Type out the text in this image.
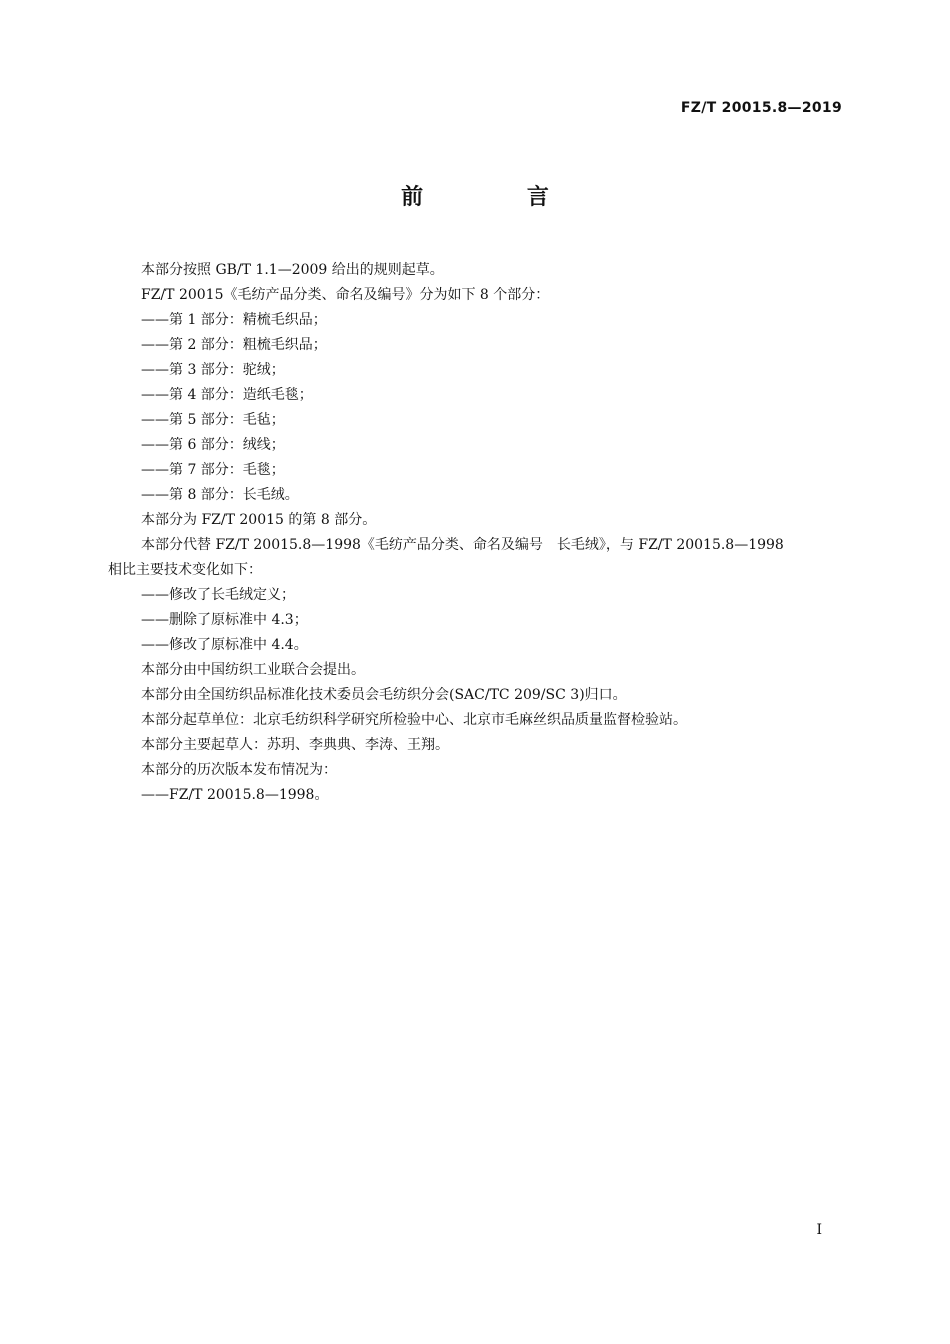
FZ/T 20015.8—2019
前 言
本部分按照 GB/T 1.1—2009 给出的规则起草。
FZ/T 20015《毛纺产品分类、命名及编号》分为如下 8 个部分：
——第 1 部分：精梳毛织品；
——第 2 部分：粗梳毛织品；
——第 3 部分：驼绒；
——第 4 部分：造纸毛毯；
——第 5 部分：毛毡；
——第 6 部分：绒线；
——第 7 部分：毛毯；
——第 8 部分：长毛绒。
本部分为 FZ/T 20015 的第 8 部分。
本部分代替 FZ/T 20015.8—1998《毛纺产品分类、命名及编号　长毛绒》，与 FZ/T 20015.8—1998
相比主要技术变化如下：
——修改了长毛绒定义；
——删除了原标准中 4.3；
——修改了原标准中 4.4。
本部分由中国纺织工业联合会提出。
本部分由全国纺织品标准化技术委员会毛纺织分会(SAC/TC 209/SC 3)归口。
本部分起草单位：北京毛纺织科学研究所检验中心、北京市毛麻丝织品质量监督检验站。
本部分主要起草人：苏玥、李典典、李涛、王翔。
本部分的历次版本发布情况为：
——FZ/T 20015.8—1998。
I
